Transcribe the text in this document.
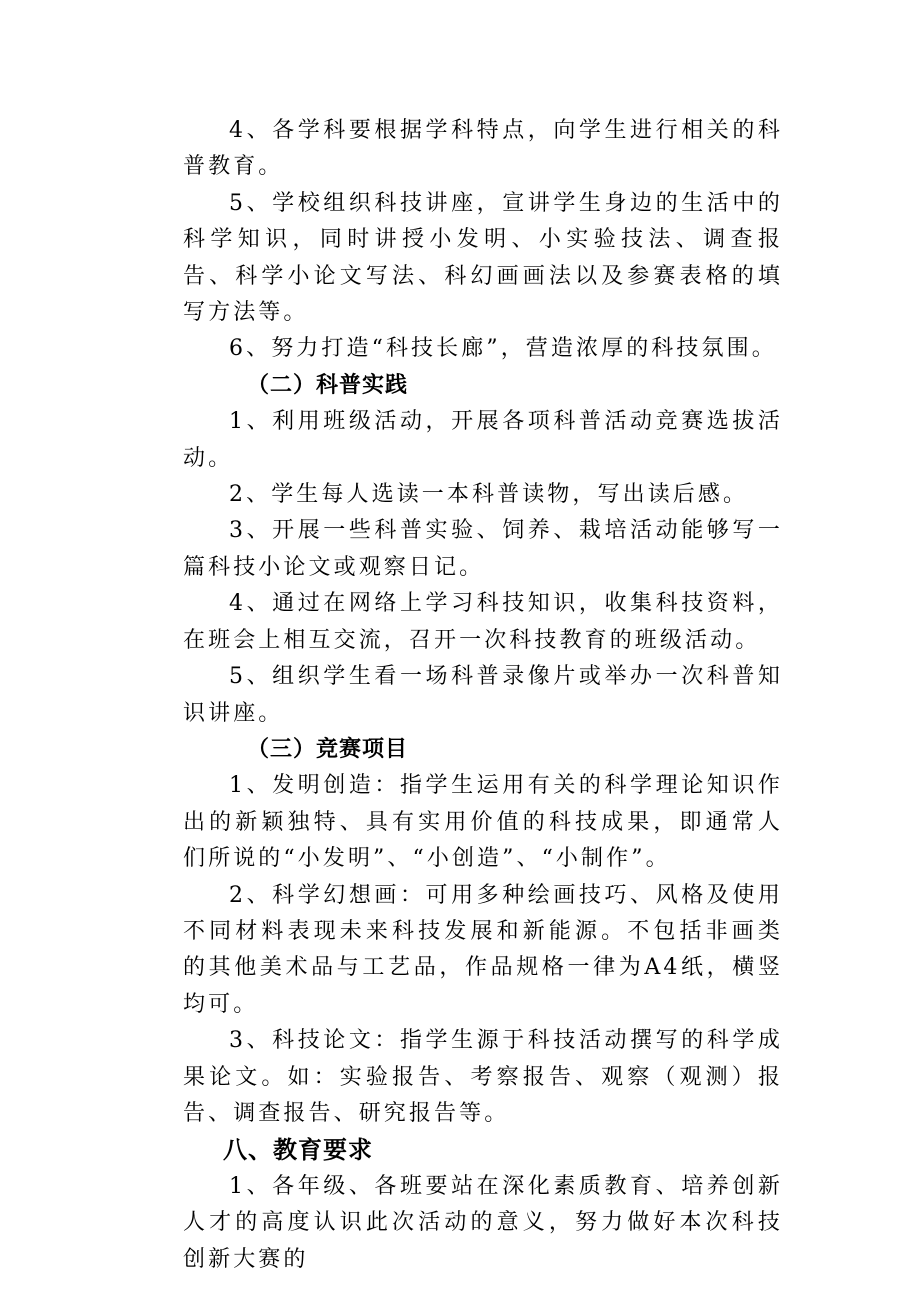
4、各学科要根据学科特点，向学生进行相关的科普教育。

5、学校组织科技讲座，宣讲学生身边的生活中的科学知识，同时讲授小发明、小实验技法、调查报告、科学小论文写法、科幻画画法以及参赛表格的填写方法等。

6、努力打造“科技长廊”，营造浓厚的科技氛围。

（二）科普实践

1、利用班级活动，开展各项科普活动竞赛选拔活动。

2、学生每人选读一本科普读物，写出读后感。

3、开展一些科普实验、饲养、栽培活动能够写一篇科技小论文或观察日记。

4、通过在网络上学习科技知识，收集科技资料，在班会上相互交流，召开一次科技教育的班级活动。

5、组织学生看一场科普录像片或举办一次科普知识讲座。

（三）竞赛项目

1、发明创造：指学生运用有关的科学理论知识作出的新颖独特、具有实用价值的科技成果，即通常人们所说的“小发明”、“小创造”、“小制作”。

2、科学幻想画：可用多种绘画技巧、风格及使用不同材料表现未来科技发展和新能源。不包括非画类的其他美术品与工艺品，作品规格一律为A4纸，横竖均可。

3、科技论文：指学生源于科技活动撰写的科学成果论文。如：实验报告、考察报告、观察（观测）报告、调查报告、研究报告等。

八、教育要求

1、各年级、各班要站在深化素质教育、培养创新人才的高度认识此次活动的意义，努力做好本次科技创新大赛的
